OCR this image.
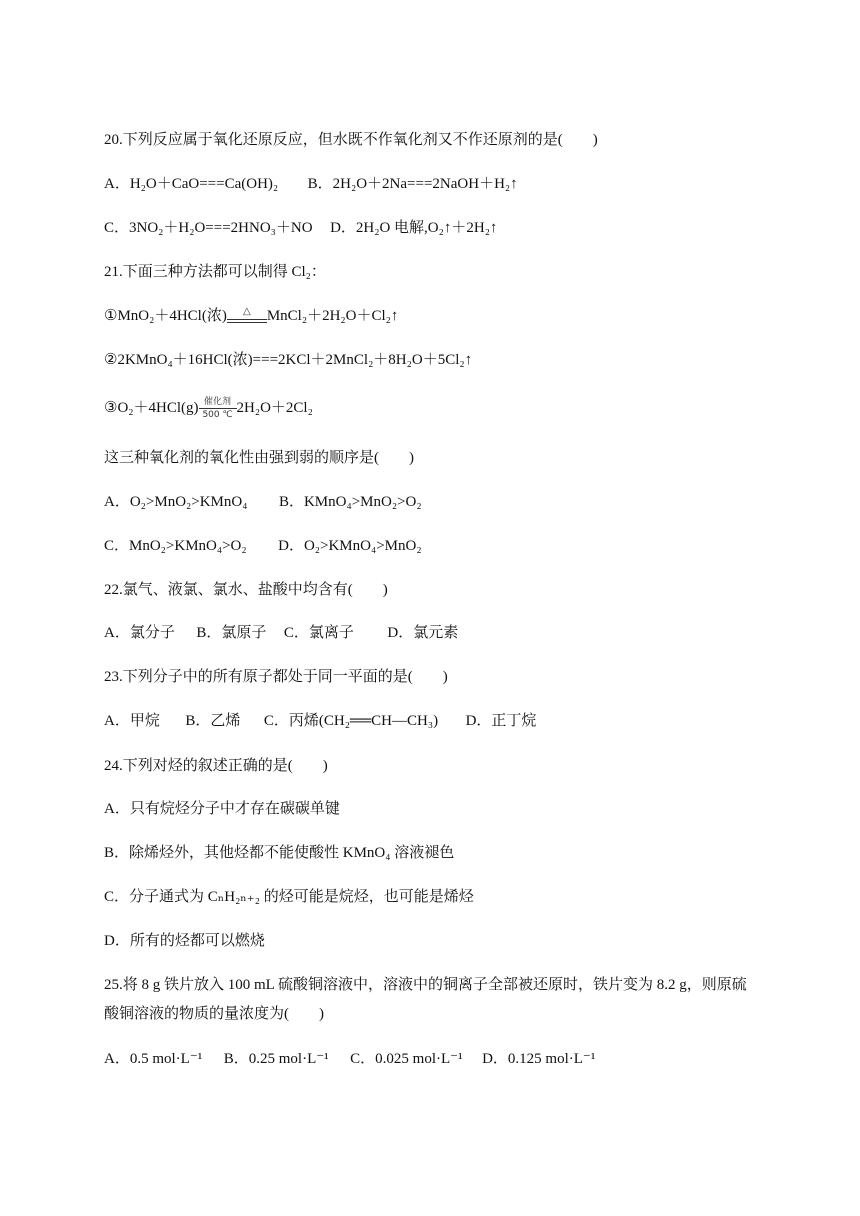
20.下列反应属于氧化还原反应，但水既不作氧化剂又不作还原剂的是(　　)
A．H₂O＋CaO===Ca(OH)₂ B．2H₂O＋2Na===2NaOH＋H₂↑
C．3NO₂＋H₂O===2HNO₃＋NO D．2H₂O 电解,O₂↑＋2H₂↑
21.下面三种方法都可以制得 Cl₂：
①MnO₂＋4HCl(浓)	△	MnCl₂＋2H₂O＋Cl₂↑
②2KMnO₄＋16HCl(浓)===2KCl＋2MnCl₂＋8H₂O＋5Cl₂↑
③O₂＋4HCl(g) 催化剂
500 ℃ 2H₂O＋2Cl₂
这三种氧化剂的氧化性由强到弱的顺序是(　　)
A．O₂>MnO₂>KMnO₄ B．KMnO₄>MnO₂>O₂
C．MnO₂>KMnO₄>O₂ D．O₂>KMnO₄>MnO₂
22.氯气、液氯、氯水、盐酸中均含有(　　)
A．氯分子 B．氯原子 C．氯离子 D．氯元素
23.下列分子中的所有原子都处于同一平面的是(　　)
A．甲烷 B．乙烯 C．丙烯(CH₂══CH—CH₃) D．正丁烷
24.下列对烃的叙述正确的是(　　)
A．只有烷烃分子中才存在碳碳单键
B．除烯烃外，其他烃都不能使酸性 KMnO₄ 溶液褪色
C．分子通式为 CₙH₂ₙ₊₂ 的烃可能是烷烃，也可能是烯烃
D．所有的烃都可以燃烧
25.将 8 g 铁片放入 100 mL 硫酸铜溶液中，溶液中的铜离子全部被还原时，铁片变为 8.2 g，则原硫
酸铜溶液的物质的量浓度为(　　)
A．0.5 mol·L⁻¹ B．0.25 mol·L⁻¹ C．0.025 mol·L⁻¹ D．0.125 mol·L⁻¹
